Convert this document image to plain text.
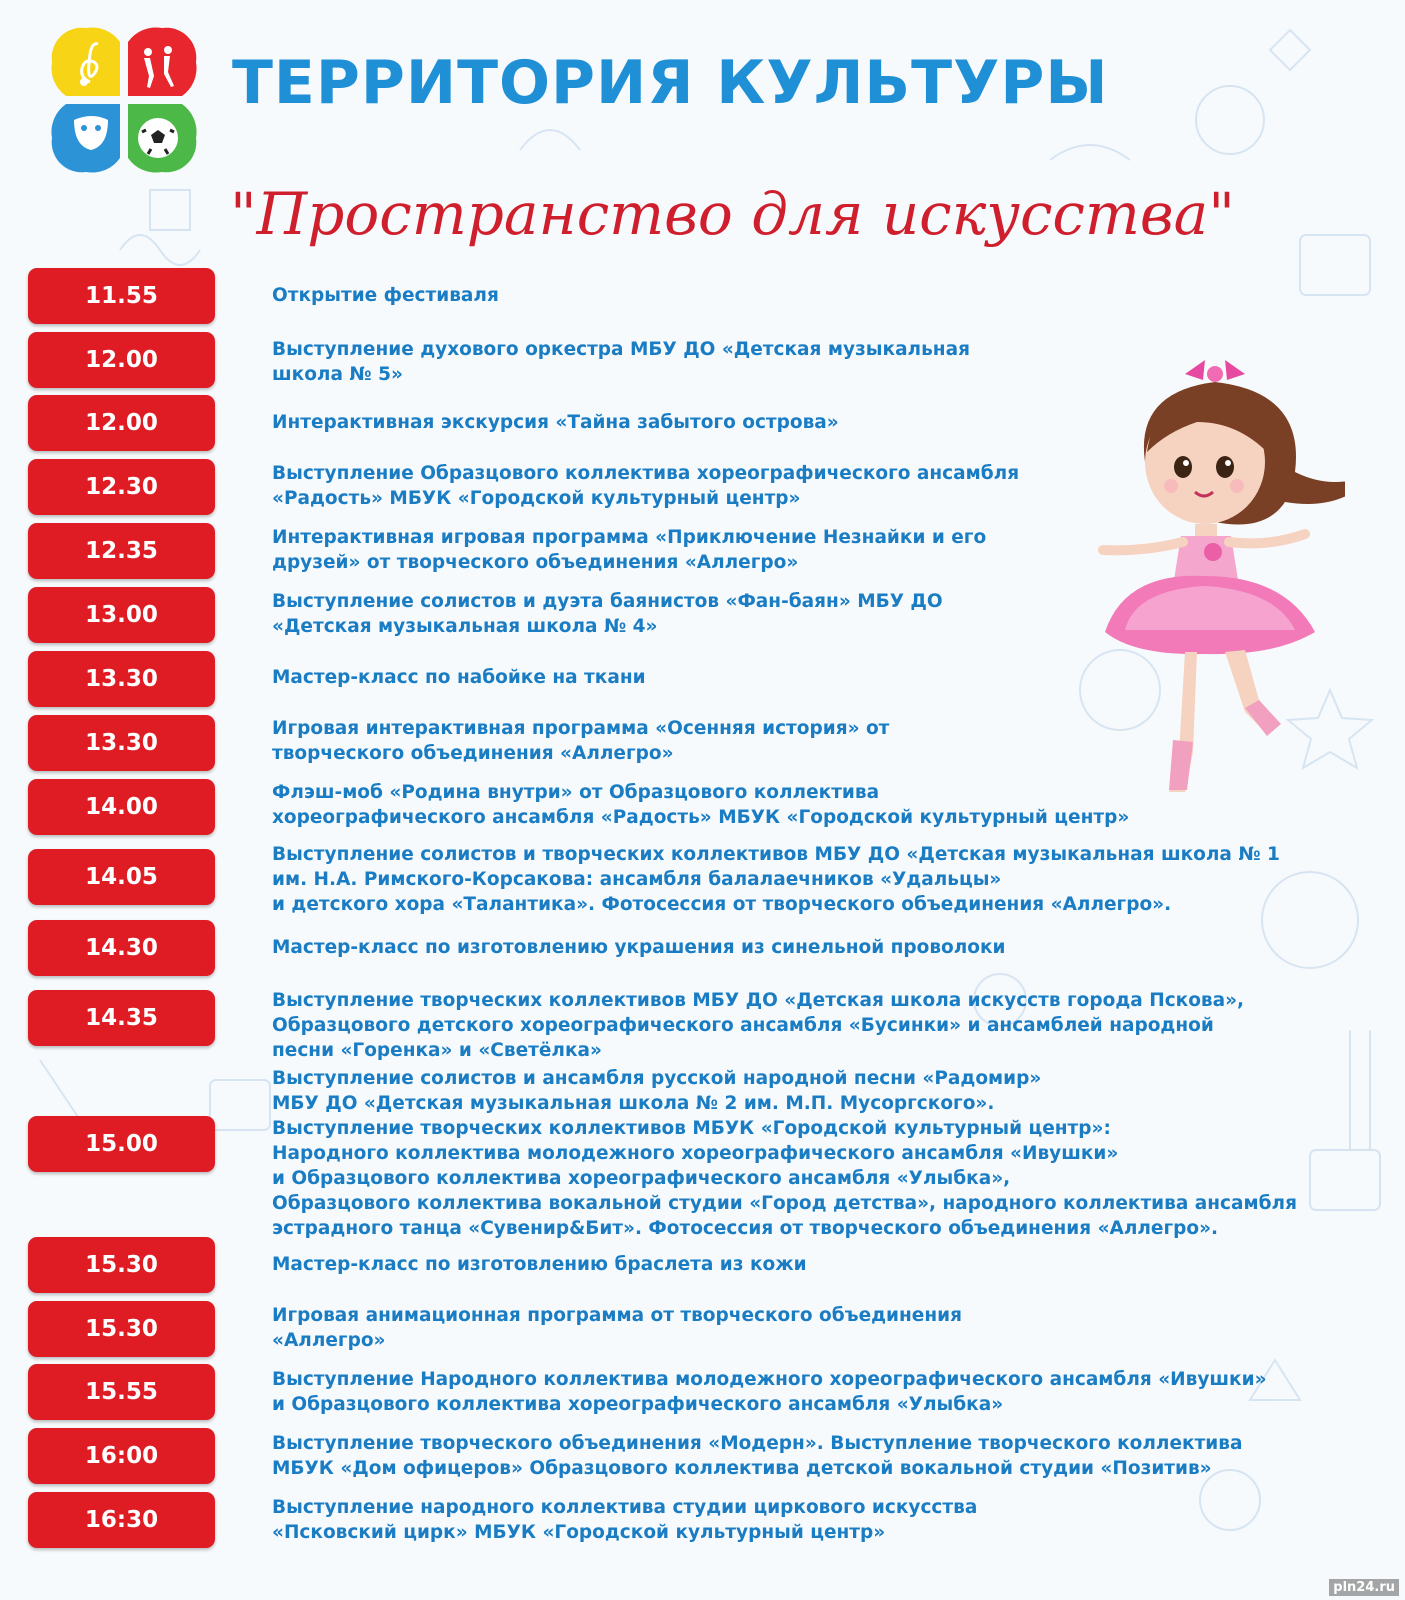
ТЕРРИТОРИЯ КУЛЬТУРЫ
"Пространство для искусства"
11.55	Открытие фестиваля
12.00	Выступление духового оркестра МБУ ДО «Детская музыкальная
школа № 5»
12.00	Интерактивная экскурсия «Тайна забытого острова»
12.30
Выступление Образцового коллектива хореографического ансамбля
«Радость» МБУК «Городской культурный центр»
12.35
Интерактивная игровая программа «Приключение Незнайки и его
друзей» от творческого объединения «Аллегро»
13.00
Выступление солистов и дуэта баянистов «Фан-баян» МБУ ДО
«Детская музыкальная школа № 4»
13.30	Мастер-класс по набойке на ткани
13.30
Игровая интерактивная программа «Осенняя история» от
творческого объединения «Аллегро»
14.00
Флэш-моб «Родина внутри» от Образцового коллектива
хореографического ансамбля «Радость» МБУК «Городской культурный центр»
14.05
Выступление солистов и творческих коллективов МБУ ДО «Детская музыкальная школа № 1
им. Н.А. Римского-Корсакова: ансамбля балалаечников «Удальцы»
и детского хора «Талантика». Фотосессия от творческого объединения «Аллегро».
14.30	Мастер-класс по изготовлению украшения из синельной проволоки
14.35
Выступление творческих коллективов МБУ ДО «Детская школа искусств города Пскова»,
Образцового детского хореографического ансамбля «Бусинки» и ансамблей народной
песни «Горенка» и «Светёлка»
15.00
Выступление солистов и ансамбля русской народной песни «Радомир»
МБУ ДО «Детская музыкальная школа № 2 им. М.П. Мусоргского».
Выступление творческих коллективов МБУК «Городской культурный центр»:
Народного коллектива молодежного хореографического ансамбля «Ивушки»
и Образцового коллектива хореографического ансамбля «Улыбка»,
Образцового коллектива вокальной студии «Город детства», народного коллектива ансамбля
эстрадного танца «Сувенир&Бит». Фотосессия от творческого объединения «Аллегро».
15.30	Мастер-класс по изготовлению браслета из кожи
15.30
Игровая анимационная программа от творческого объединения
«Аллегро»
15.55	Выступление Народного коллектива молодежного хореографического ансамбля «Ивушки»
и Образцового коллектива хореографического ансамбля «Улыбка»
16:00	Выступление творческого объединения «Модерн». Выступление творческого коллектива
МБУК «Дом офицеров» Образцового коллектива детской вокальной студии «Позитив»
16:30	Выступление народного коллектива студии циркового искусства
«Псковский цирк» МБУК «Городской культурный центр»
pln24.ru
